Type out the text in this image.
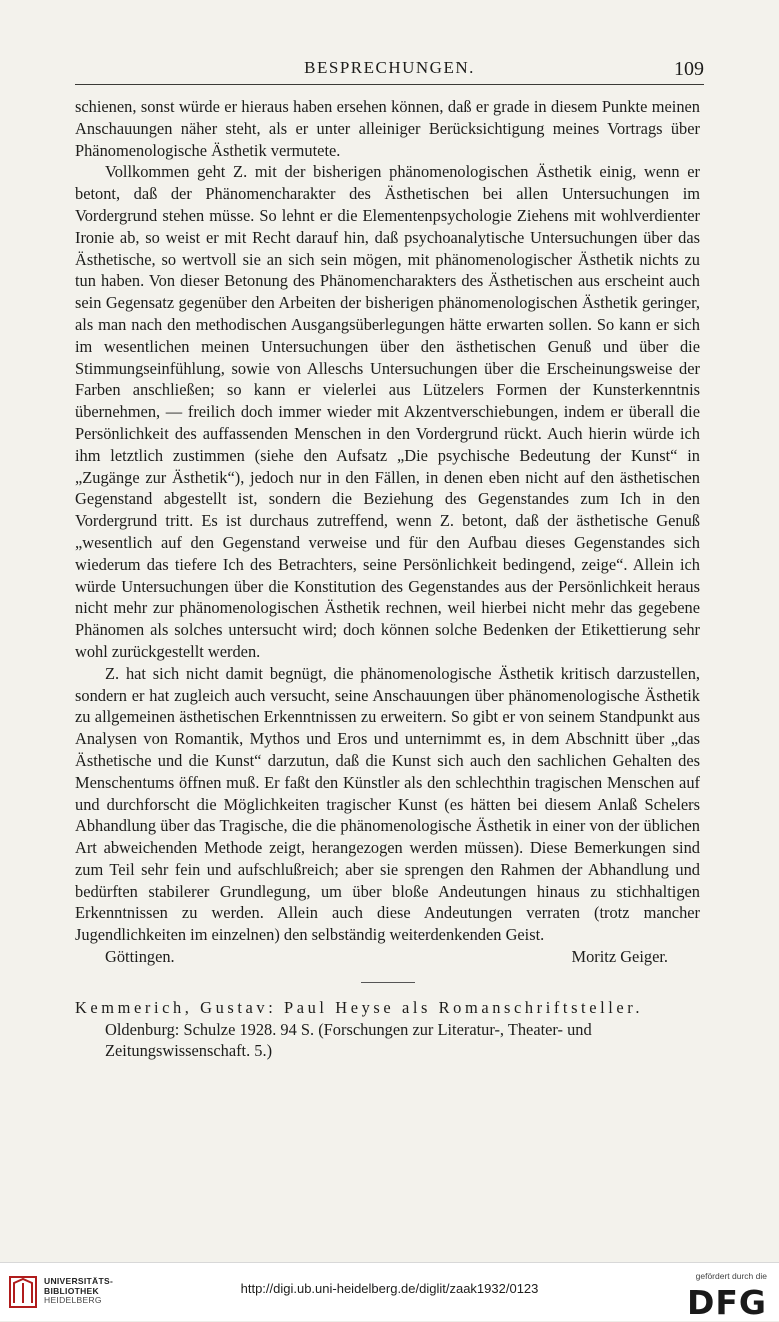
BESPRECHUNGEN.	109

schienen, sonst würde er hieraus haben ersehen können, daß er grade in diesem Punkte meinen Anschauungen näher steht, als er unter alleiniger Berücksichtigung meines Vortrags über Phänomenologische Ästhetik vermutete.

Vollkommen geht Z. mit der bisherigen phänomenologischen Ästhetik einig, wenn er betont, daß der Phänomencharakter des Ästhetischen bei allen Untersuchungen im Vordergrund stehen müsse. So lehnt er die Elementenpsychologie Ziehens mit wohlverdienter Ironie ab, so weist er mit Recht darauf hin, daß psychoanalytische Untersuchungen über das Ästhetische, so wertvoll sie an sich sein mögen, mit phänomenologischer Ästhetik nichts zu tun haben. Von dieser Betonung des Phänomencharakters des Ästhetischen aus erscheint auch sein Gegensatz gegenüber den Arbeiten der bisherigen phänomenologischen Ästhetik geringer, als man nach den methodischen Ausgangsüberlegungen hätte erwarten sollen. So kann er sich im wesentlichen meinen Untersuchungen über den ästhetischen Genuß und über die Stimmungseinfühlung, sowie von Alleschs Untersuchungen über die Erscheinungsweise der Farben anschließen; so kann er vielerlei aus Lützelers Formen der Kunsterkenntnis übernehmen, — freilich doch immer wieder mit Akzentverschiebungen, indem er überall die Persönlichkeit des auffassenden Menschen in den Vordergrund rückt. Auch hierin würde ich ihm letztlich zustimmen (siehe den Aufsatz „Die psychische Bedeutung der Kunst“ in „Zugänge zur Ästhetik“), jedoch nur in den Fällen, in denen eben nicht auf den ästhetischen Gegenstand abgestellt ist, sondern die Beziehung des Gegenstandes zum Ich in den Vordergrund tritt. Es ist durchaus zutreffend, wenn Z. betont, daß der ästhetische Genuß „wesentlich auf den Gegenstand verweise und für den Aufbau dieses Gegenstandes sich wiederum das tiefere Ich des Betrachters, seine Persönlichkeit bedingend, zeige“. Allein ich würde Untersuchungen über die Konstitution des Gegenstandes aus der Persönlichkeit heraus nicht mehr zur phänomenologischen Ästhetik rechnen, weil hierbei nicht mehr das gegebene Phänomen als solches untersucht wird; doch können solche Bedenken der Etikettierung sehr wohl zurückgestellt werden.

Z. hat sich nicht damit begnügt, die phänomenologische Ästhetik kritisch darzustellen, sondern er hat zugleich auch versucht, seine Anschauungen über phänomenologische Ästhetik zu allgemeinen ästhetischen Erkenntnissen zu erweitern. So gibt er von seinem Standpunkt aus Analysen von Romantik, Mythos und Eros und unternimmt es, in dem Abschnitt über „das Ästhetische und die Kunst“ darzutun, daß die Kunst sich auch den sachlichen Gehalten des Menschentums öffnen muß. Er faßt den Künstler als den schlechthin tragischen Menschen auf und durchforscht die Möglichkeiten tragischer Kunst (es hätten bei diesem Anlaß Schelers Abhandlung über das Tragische, die die phänomenologische Ästhetik in einer von der üblichen Art abweichenden Methode zeigt, herangezogen werden müssen). Diese Bemerkungen sind zum Teil sehr fein und aufschlußreich; aber sie sprengen den Rahmen der Abhandlung und bedürften stabilerer Grundlegung, um über bloße Andeutungen hinaus zu stichhaltigen Erkenntnissen zu werden. Allein auch diese Andeutungen verraten (trotz mancher Jugendlichkeiten im einzelnen) den selbständig weiterdenkenden Geist.

Göttingen.	Moritz Geiger.
Kemmerich, Gustav: Paul Heyse als Romanschriftsteller.
Oldenburg: Schulze 1928. 94 S. (Forschungen zur Literatur-, Theater- und
Zeitungswissenschaft. 5.)
UNIVERSITÄTS-
BIBLIOTHEK
HEIDELBERG
http://digi.ub.uni-heidelberg.de/diglit/zaak1932/0123
gefördert durch die
DFG
